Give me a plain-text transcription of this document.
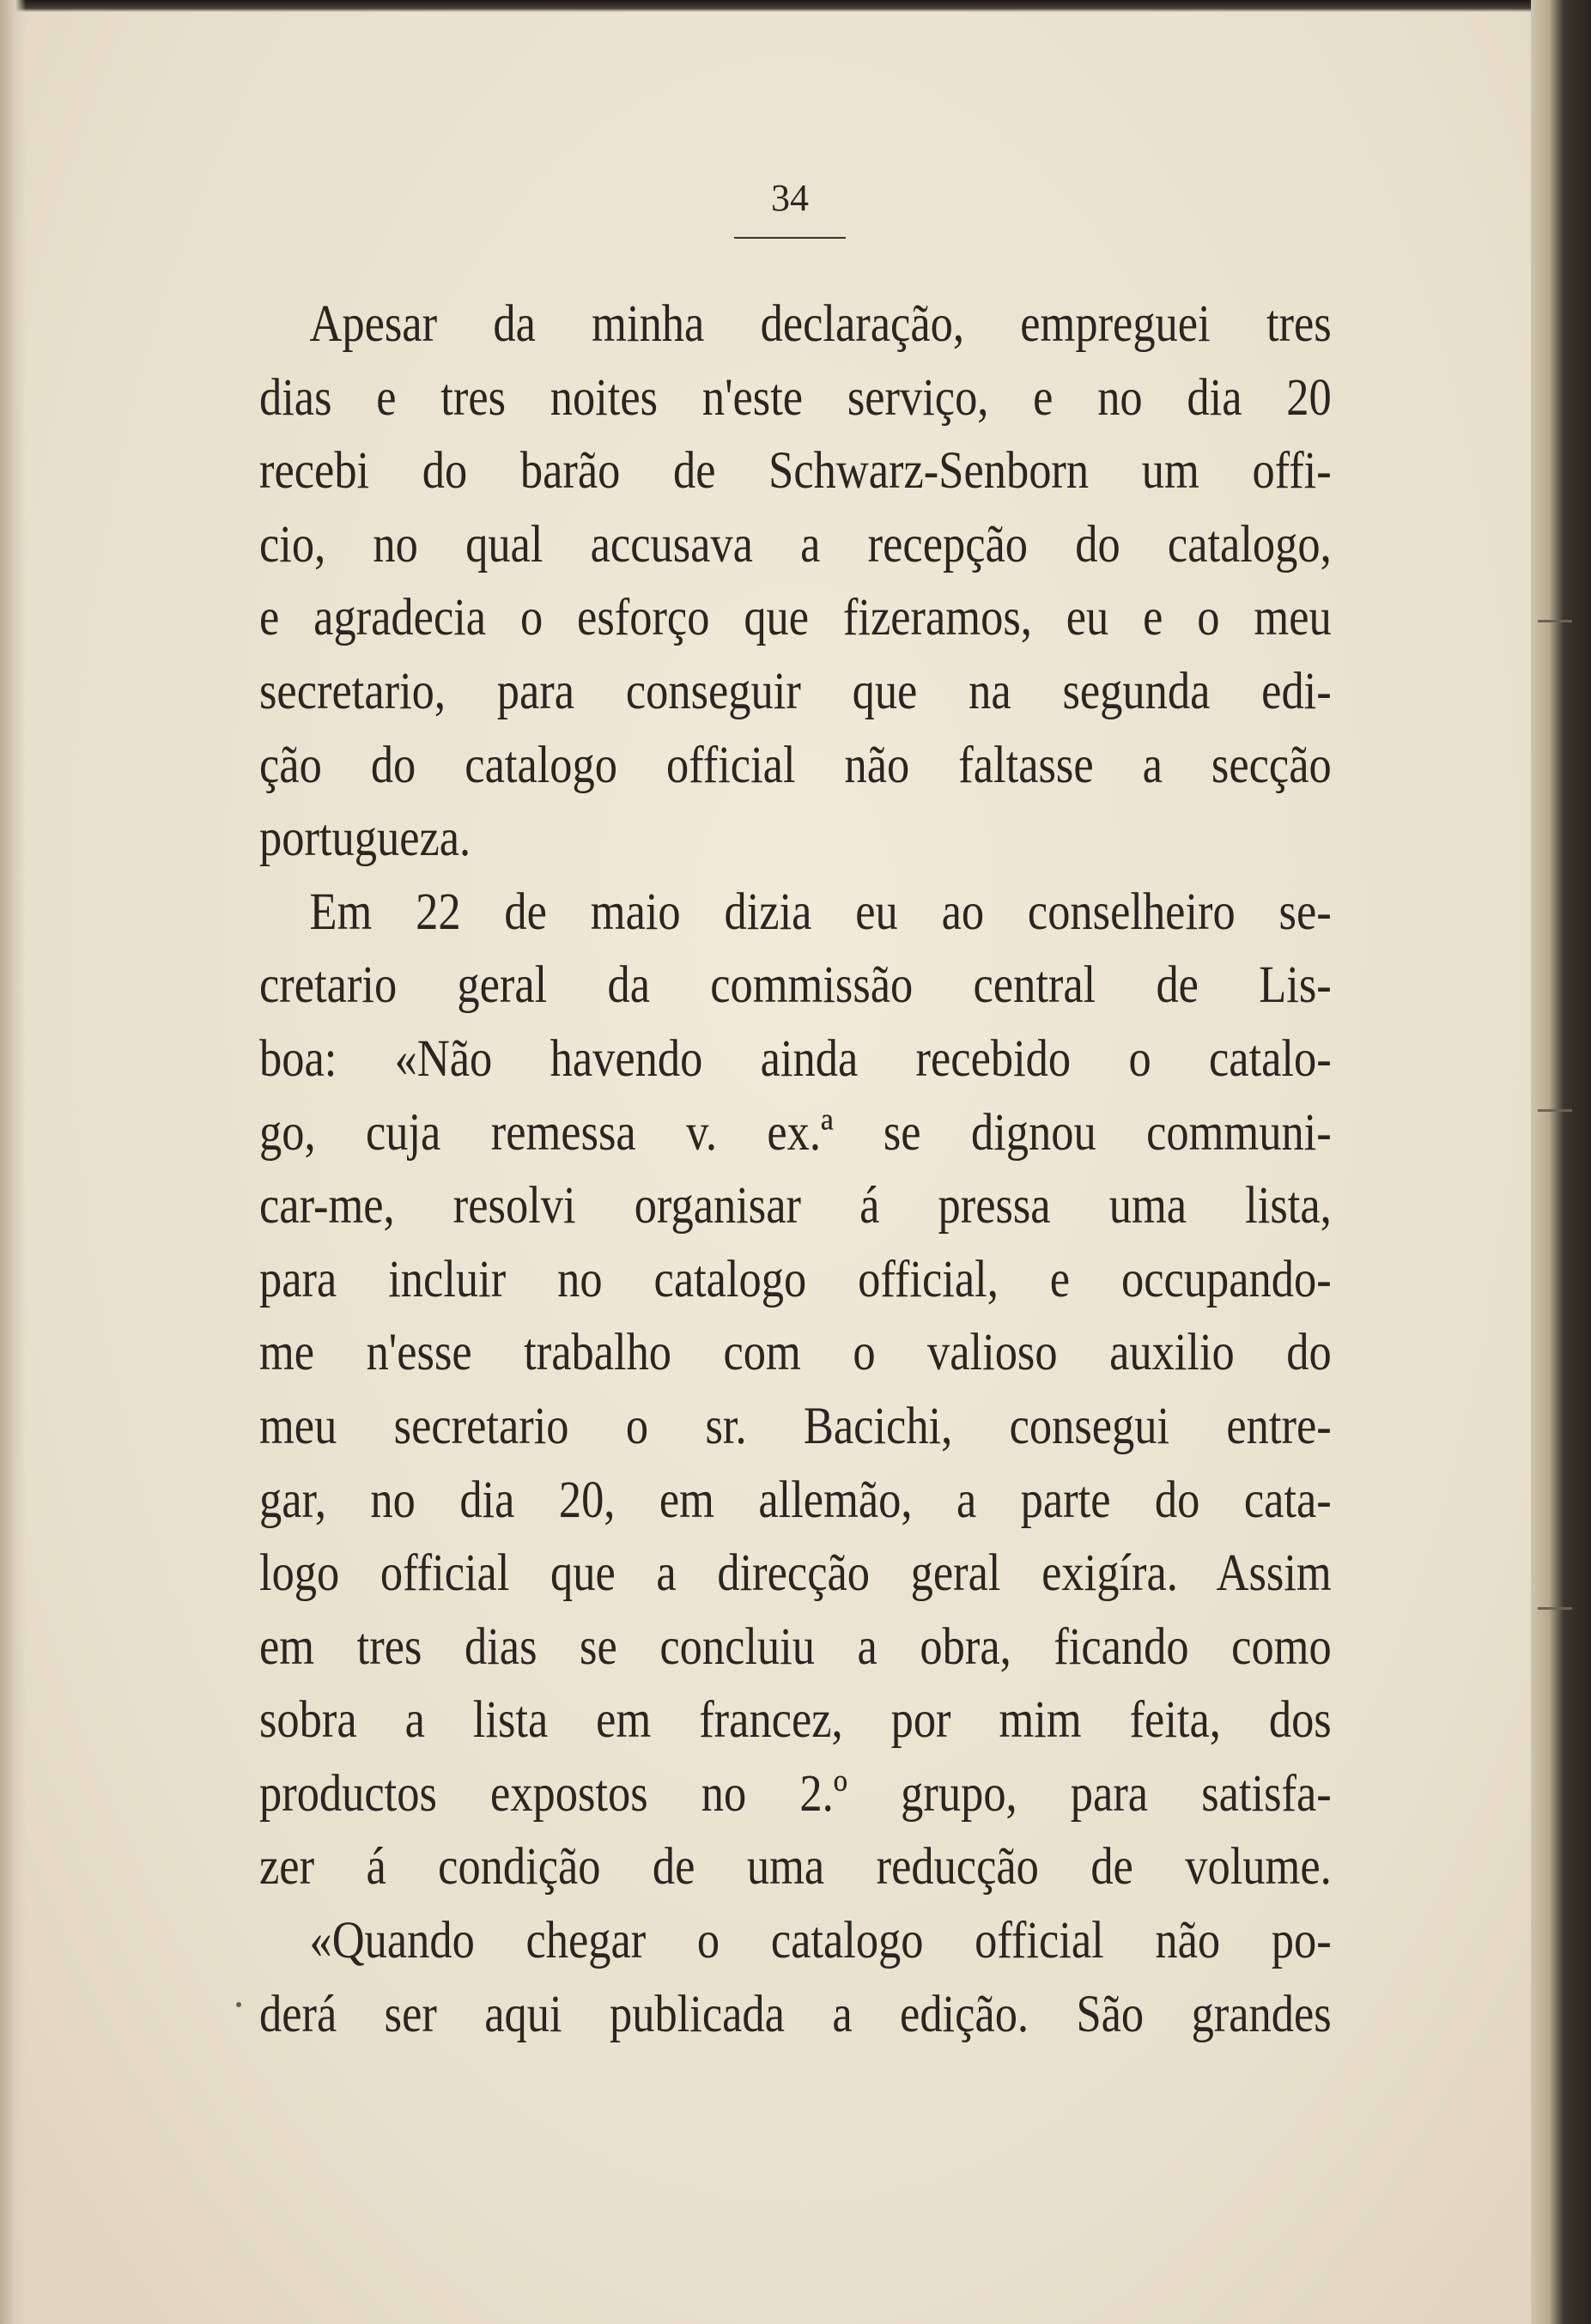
34
Apesar da minha declaração, empreguei tres
dias e tres noites n'este serviço, e no dia 20
recebi do barão de Schwarz-Senborn um offi-
cio, no qual accusava a recepção do catalogo,
e agradecia o esforço que fizeramos, eu e o meu
secretario, para conseguir que na segunda edi-
ção do catalogo official não faltasse a secção
portugueza.
Em 22 de maio dizia eu ao conselheiro se-
cretario geral da commissão central de Lis-
boa: «Não havendo ainda recebido o catalo-
go, cuja remessa v. ex.ª se dignou communi-
car-me, resolvi organisar á pressa uma lista,
para incluir no catalogo official, e occupando-
me n'esse trabalho com o valioso auxilio do
meu secretario o sr. Bacichi, consegui entre-
gar, no dia 20, em allemão, a parte do cata-
logo official que a direcção geral exigíra. Assim
em tres dias se concluiu a obra, ficando como
sobra a lista em francez, por mim feita, dos
productos expostos no 2.º grupo, para satisfa-
zer á condição de uma reducção de volume.
«Quando chegar o catalogo official não po-
derá ser aqui publicada a edição. São grandes
